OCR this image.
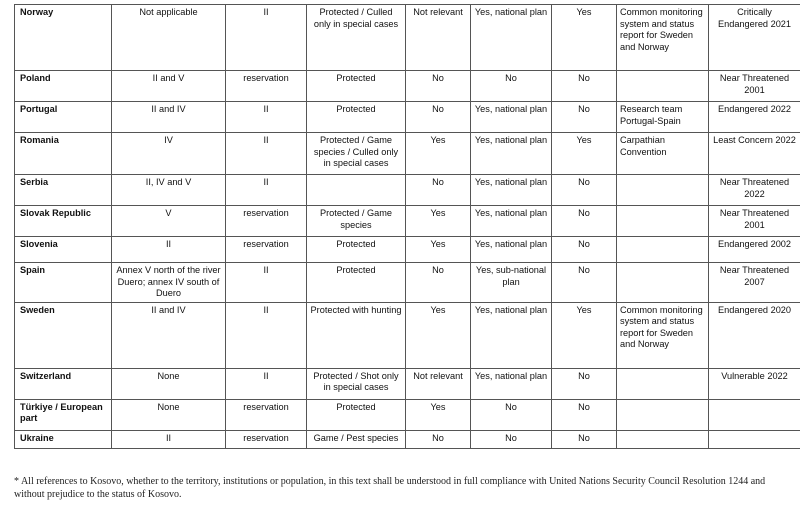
Norway	Not applicable	II	Protected / Culled only in special cases	Not relevant	Yes, national plan	Yes	Common monitoring system and status report for Sweden and Norway	Critically Endangered 2021
Poland	II and V	reservation	Protected	No	No	No		Near Threatened 2001
Portugal	II and IV	II	Protected	No	Yes, national plan	No	Research team Portugal-Spain	Endangered 2022
Romania	IV	II	Protected / Game species / Culled only in special cases	Yes	Yes, national plan	Yes	Carpathian Convention	Least Concern 2022
Serbia	II, IV and V	II		No	Yes, national plan	No		Near Threatened 2022
Slovak Republic	V	reservation	Protected / Game species	Yes	Yes, national plan	No		Near Threatened 2001
Slovenia	II	reservation	Protected	Yes	Yes, national plan	No		Endangered 2002
Spain	Annex V north of the river Duero; annex IV south of Duero	II	Protected	No	Yes, sub-national plan	No		Near Threatened 2007
Sweden	II and IV	II	Protected with hunting	Yes	Yes, national plan	Yes	Common monitoring system and status report for Sweden and Norway	Endangered 2020
Switzerland	None	II	Protected / Shot only in special cases	Not relevant	Yes, national plan	No		Vulnerable 2022
Türkiye / European part	None	reservation	Protected	Yes	No	No		
Ukraine	II	reservation	Game / Pest species	No	No	No		
* All references to Kosovo, whether to the territory, institutions or population, in this text shall be understood in full compliance with United Nations Security Council Resolution 1244 and without prejudice to the status of Kosovo.
